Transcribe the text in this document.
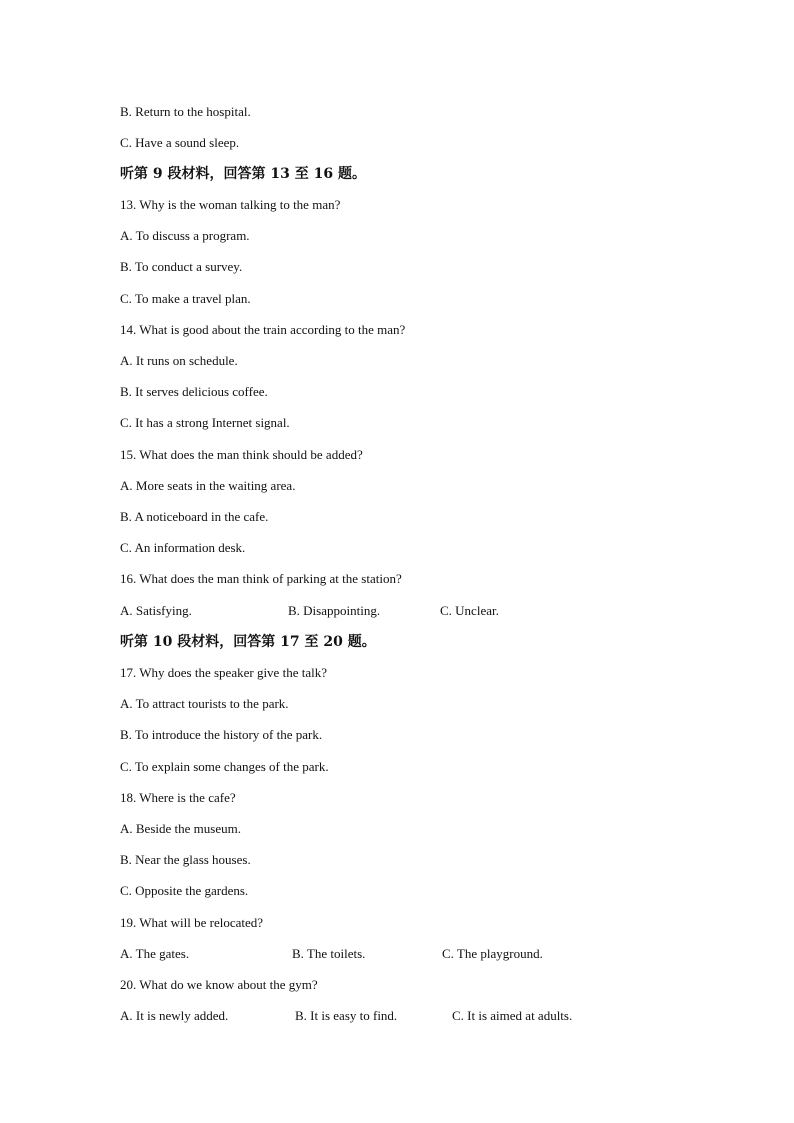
B. Return to the hospital.
C. Have a sound sleep.
听第 9 段材料，回答第 13 至 16 题。
13. Why is the woman talking to the man?
A. To discuss a program.
B. To conduct a survey.
C. To make a travel plan.
14. What is good about the train according to the man?
A. It runs on schedule.
B. It serves delicious coffee.
C. It has a strong Internet signal.
15. What does the man think should be added?
A. More seats in the waiting area.
B. A noticeboard in the cafe.
C. An information desk.
16. What does the man think of parking at the station?
A. Satisfying.	B. Disappointing.	C. Unclear.
听第 10 段材料，回答第 17 至 20 题。
17. Why does the speaker give the talk?
A. To attract tourists to the park.
B. To introduce the history of the park.
C. To explain some changes of the park.
18. Where is the cafe?
A. Beside the museum.
B. Near the glass houses.
C. Opposite the gardens.
19. What will be relocated?
A. The gates.	B. The toilets.	C. The playground.
20. What do we know about the gym?
A. It is newly added.	B. It is easy to find.	C. It is aimed at adults.
